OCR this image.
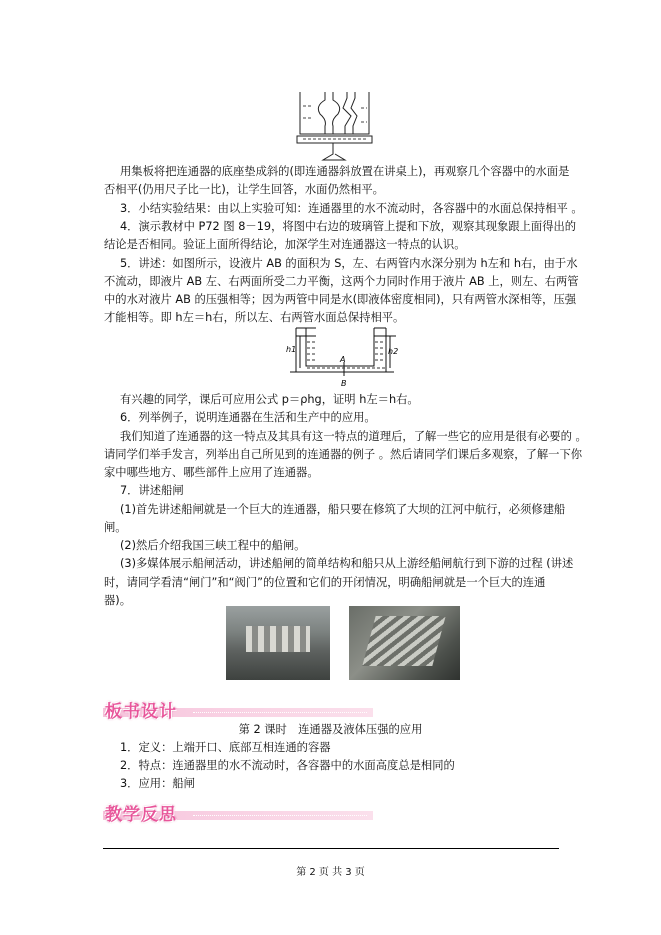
用集板将把连通器的底座垫成斜的(即连通器斜放置在讲桌上)，再观察几个容器中的水面是
否相平(仍用尺子比一比)，让学生回答，水面仍然相平。
3．小结实验结果：由以上实验可知：连通器里的水不流动时，各容器中的水面总保持相平 。
4．演示教材中 P72 图 8－19，将图中右边的玻璃管上提和下放，观察其现象跟上面得出的
结论是否相同。验证上面所得结论，加深学生对连通器这一特点的认识。
5．讲述：如图所示，设液片 AB 的面积为 S，左、右两管内水深分别为 h左和 h右，由于水
不流动，即液片 AB 左、右两面所受二力平衡，这两个力同时作用于液片 AB 上，则左、右两管
中的水对液片 AB 的压强相等；因为两管中同是水(即液体密度相同)，只有两管水深相等，压强
才能相等。即 h左＝h右，所以左、右两管水面总保持相平。
h1	h2
A
B
有兴趣的同学，课后可应用公式 p＝ρhg，证明 h左＝h右。
6．列举例子，说明连通器在生活和生产中的应用。
我们知道了连通器的这一特点及其具有这一特点的道理后，了解一些它的应用是很有必要的 。
请同学们举手发言，列举出自己所见到的连通器的例子 。然后请同学们课后多观察，了解一下你
家中哪些地方、哪些部件上应用了连通器。
7．讲述船闸
(1)首先讲述船闸就是一个巨大的连通器，船只要在修筑了大坝的江河中航行，必须修建船
闸。
(2)然后介绍我国三峡工程中的船闸。
(3)多媒体展示船闸活动，讲述船闸的简单结构和船只从上游经船闸航行到下游的过程 (讲述
时，请同学看清“闸门”和“阀门”的位置和它们的开闭情况，明确船闸就是一个巨大的连通
器)。
板书设计
第 2 课时　连通器及液体压强的应用
1．定义：上端开口、底部互相连通的容器
2．特点：连通器里的水不流动时，各容器中的水面高度总是相同的
3．应用：船闸
教学反思
第 2 页 共 3 页
